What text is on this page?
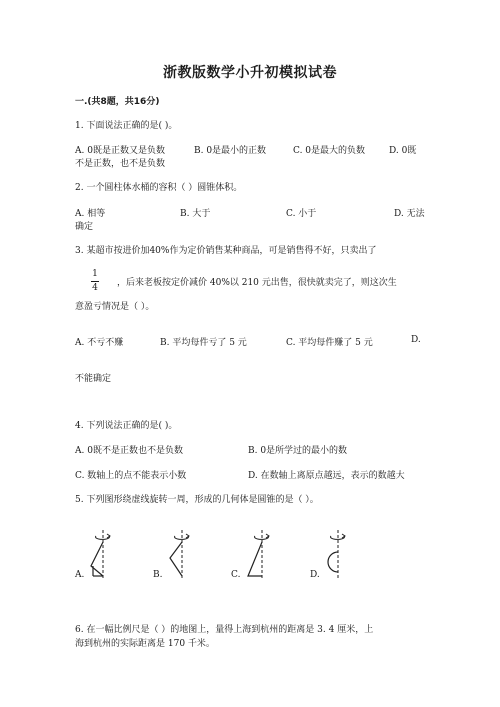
浙教版数学小升初模拟试卷
一.(共8题，共16分)
1. 下面说法正确的是( )。
A. 0既是正数又是负数	B. 0是最小的正数	C. 0是最大的负数	D. 0既
不是正数，也不是负数
2. 一个圆柱体水桶的容积（ ）圆锥体积。
A. 相等	B. 大于	C. 小于	D. 无法
确定
3. 某超市按进价加40%作为定价销售某种商品，可是销售得不好，只卖出了
1
4 ，后来老板按定价减价 40%以 210 元出售，很快就卖完了，则这次生
意盈亏情况是（ ）。
A. 不亏不赚	B. 平均每件亏了 5 元	C. 平均每件赚了 5 元	D.
不能确定
4. 下列说法正确的是( )。
A. 0既不是正数也不是负数	B. 0是所学过的最小的数
C. 数轴上的点不能表示小数	D. 在数轴上离原点越远，表示的数越大
5. 下列图形绕虚线旋转一周，形成的几何体是圆锥的是（ ）。
A.	B.	C.	D.
6. 在一幅比例尺是（ ）的地图上，量得上海到杭州的距离是 3. 4 厘米，上
海到杭州的实际距离是 170 千米。
